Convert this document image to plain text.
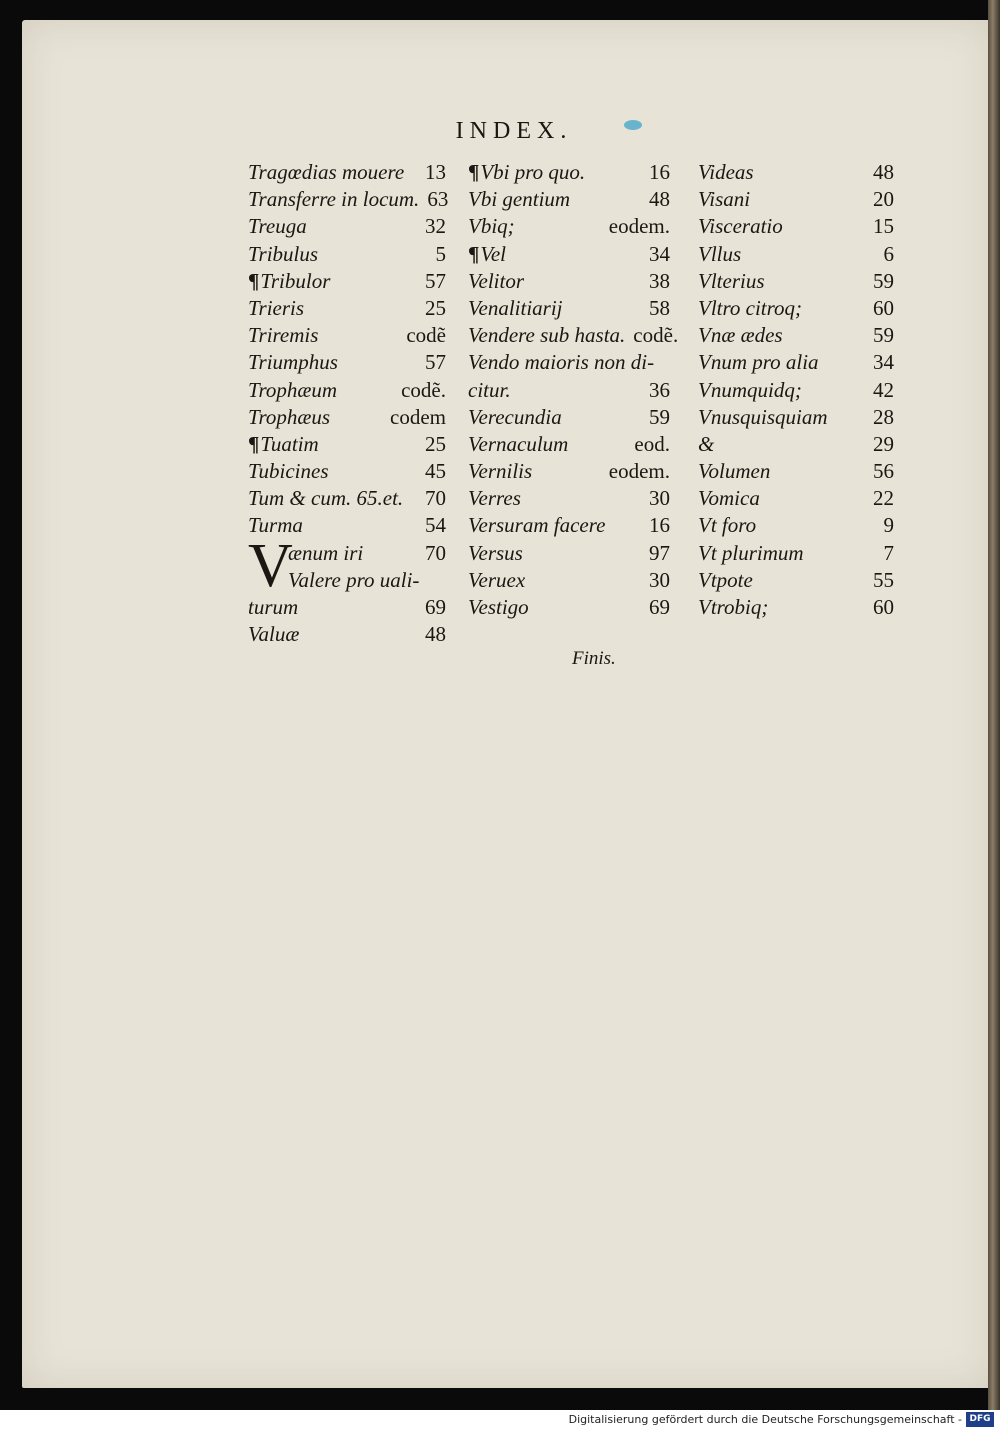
INDEX.
Tragœdias mouere 13
Transferre in locum. 63
Treuga	32
Tribulus	5
¶Tribulor	57
Trieris	25
Triremis	codẽ
Triumphus	57
Trophæum	codẽ.
Trophæus	codem
¶Tuatim	25
Tubicines	45
Tum & cum. 65.et. 70
Turma	54
V
ænum iri	70
Valere pro uali-
turum	69
Valuæ	48
¶Vbi pro quo.	16
Vbi gentium	48
Vbiq;	eodem.
¶Vel	34
Velitor	38
Venalitiarij	58
Vendere sub hasta. codẽ.
Vendo maioris non di-
citur.	36
Verecundia	59
Vernaculum	eod.
Vernilis	eodem.
Verres	30
Versuram facere 16
Versus	97
Veruex	30
Vestigo	69
Videas	48
Visani	20
Visceratio	15
Vllus	6
Vlterius	59
Vltro citroq;	60
Vnæ ædes	59
Vnum pro alia	34
Vnumquidq;	42
Vnusquisquiam 28
&	29
Volumen	56
Vomica	22
Vt foro	9
Vt plurimum	7
Vtpote	55
Vtrobiq;	60
Finis.
Digitalisierung gefördert durch die Deutsche Forschungsgemeinschaft - DFG
